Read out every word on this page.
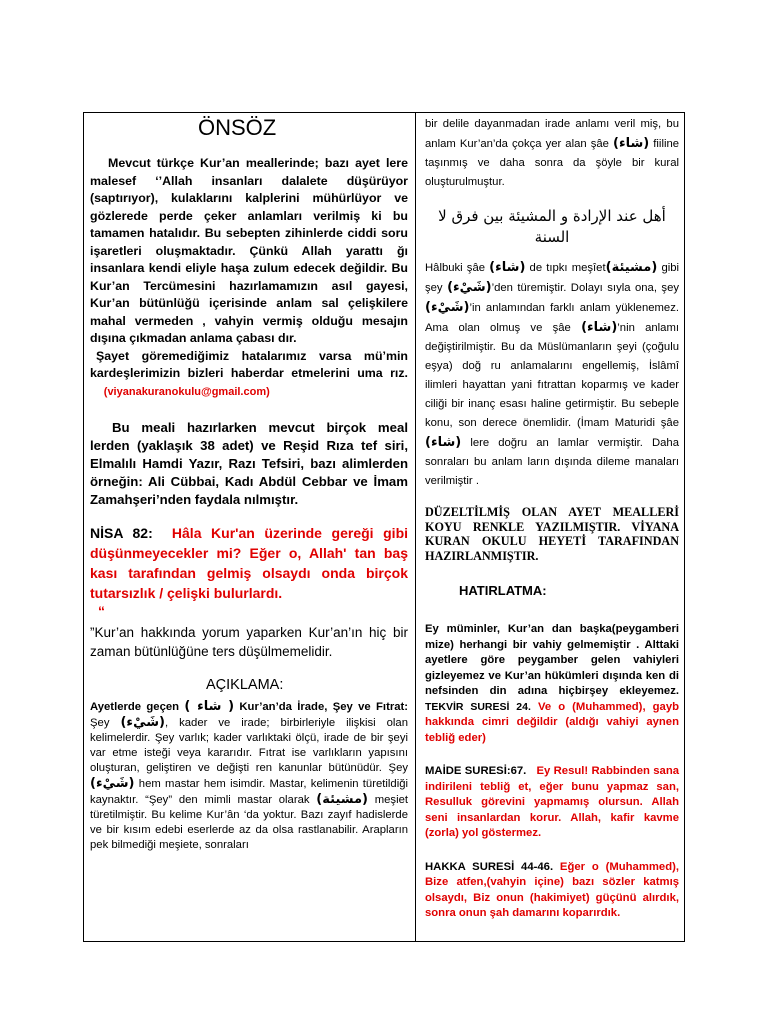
ÖNSÖZ

Mevcut türkçe Kur’an meallerinde; bazı ayet lere malesef ‘’Allah insanları dalalete düşürüyor (saptırıyor), kulaklarını kalplerini mühürlüyor ve gözlerede perde çeker anlamları verilmiş ki bu tamamen hatalıdır. Bu sebepten zihinlerde ciddi soru işaretleri oluşmaktadır. Çünkü Allah yarattı ğı insanlara kendi eliyle haşa zulum edecek değildir. Bu Kur’an Tercümesini hazırlamamızın asıl gayesi, Kur’an bütünlüğü içerisinde anlam sal çelişkilere mahal vermeden , vahyin vermiş olduğu mesajın dışına çıkmadan anlama çabası dır.

Şayet göremediğimiz hatalarımız varsa mü’min kardeşlerimizin bizleri haberdar etmelerini uma rız.     (viyanakuranokulu@gmail.com)

Bu meali hazırlarken mevcut birçok meal lerden (yaklaşık 38 adet) ve Reşid Rıza tef siri, Elmalılı Hamdi Yazır, Razı Tefsiri, bazı alimlerden örneğin: Ali Cübbai, Kadı Abdül Cebbar ve İmam Zamahşeri’nden faydala nılmıştır.

NİSA 82: Hâla Kur'an üzerinde gereği gibi düşünmeyecekler mi? Eğer o, Allah' tan baş kası tarafından gelmiş olsaydı onda birçok tutarsızlık / çelişki bulurlardı.

“

”Kur’an hakkında yorum yaparken Kur’an’ın hiç bir zaman bütünlüğüne ters düşülmemelidir.

AÇIKLAMA:

Ayetlerde geçen ( شاء ) Kur’an’da İrade, Şey ve Fıtrat: Şey (شَيْء), kader ve irade; birbirleriyle ilişkisi olan kelimelerdir. Şey varlık; kader varlıktaki ölçü, irade de bir şeyi var etme isteği veya kararıdır. Fıtrat ise varlıkların yapısını oluşturan, geliştiren ve değişti ren kanunlar bütünüdür. Şey (شَيْء) hem mastar hem isimdir. Mastar, kelimenin türetildiği kaynaktır. “Şey” den mimli mastar olarak (مشيئة) meşiet türetilmiştir. Bu kelime Kur’ân ‘da yoktur. Bazı zayıf hadislerde ve bir kısım edebi eserlerde az da olsa rastlanabilir. Arapların pek bilmediği meşiete, sonraları

bir delile dayanmadan irade anlamı veril miş, bu anlam Kur’an’da çokça yer alan şâe (شاء) fiiline taşınmış ve daha sonra da şöyle bir kural oluşturulmuştur.

أهل عند الإرادة و المشيئة بين فرق لا السنة

Hâlbuki şâe (شاء) de tıpkı meşîet(مشيئة) gibi şey (شَيْء)’den türemiştir. Dolayı sıyla ona, şey (شَيْء)’in anlamından farklı anlam yüklenemez. Ama olan olmuş ve şâe (شاء)’nin anlamı değiştirilmiştir. Bu da Müslümanların şeyi (çoğulu eşya) doğ ru anlamalarını engellemiş, İslâmî ilimleri hayattan yani fıtrattan koparmış ve kader ciliği bir inanç esası haline getirmiştir. Bu sebeple konu, son derece önemlidir. (İmam Maturidi şâe (شاء) lere doğru an lamlar vermiştir. Daha sonraları bu anlam ların dışında dileme manaları verilmiştir .

DÜZELTİLMİŞ OLAN AYET MEALLERİ KOYU RENKLE YAZILMIŞTIR. VİYANA KURAN OKULU HEYETİ TARAFINDAN HAZIRLANMIŞTIR.

HATIRLATMA:

Ey müminler, Kur’an dan başka(peygamberi mize) herhangi bir vahiy gelmemiştir . Alttaki ayetlere göre peygamber gelen vahiyleri gizleyemez ve Kur’an hükümleri dışında ken di nefsinden din adına hiçbirşey ekleyemez. TEKVİR SURESİ 24. Ve o (Muhammed), gayb hakkında cimri değildir (aldığı vahiyi aynen tebliğ eder)

MAİDE SURESİ:67. Ey Resul! Rabbinden sana indirileni tebliğ et, eğer bunu yapmaz san, Resulluk görevini yapmamış olursun. Allah seni insanlardan korur. Allah, kafir kavme (zorla) yol göstermez.

HAKKA SURESİ 44-46. Eğer o (Muhammed), Bize atfen,(vahyin içine) bazı sözler katmış olsaydı, Biz onun (hakimiyet) güçünü alırdık, sonra onun şah damarını koparırdık.
